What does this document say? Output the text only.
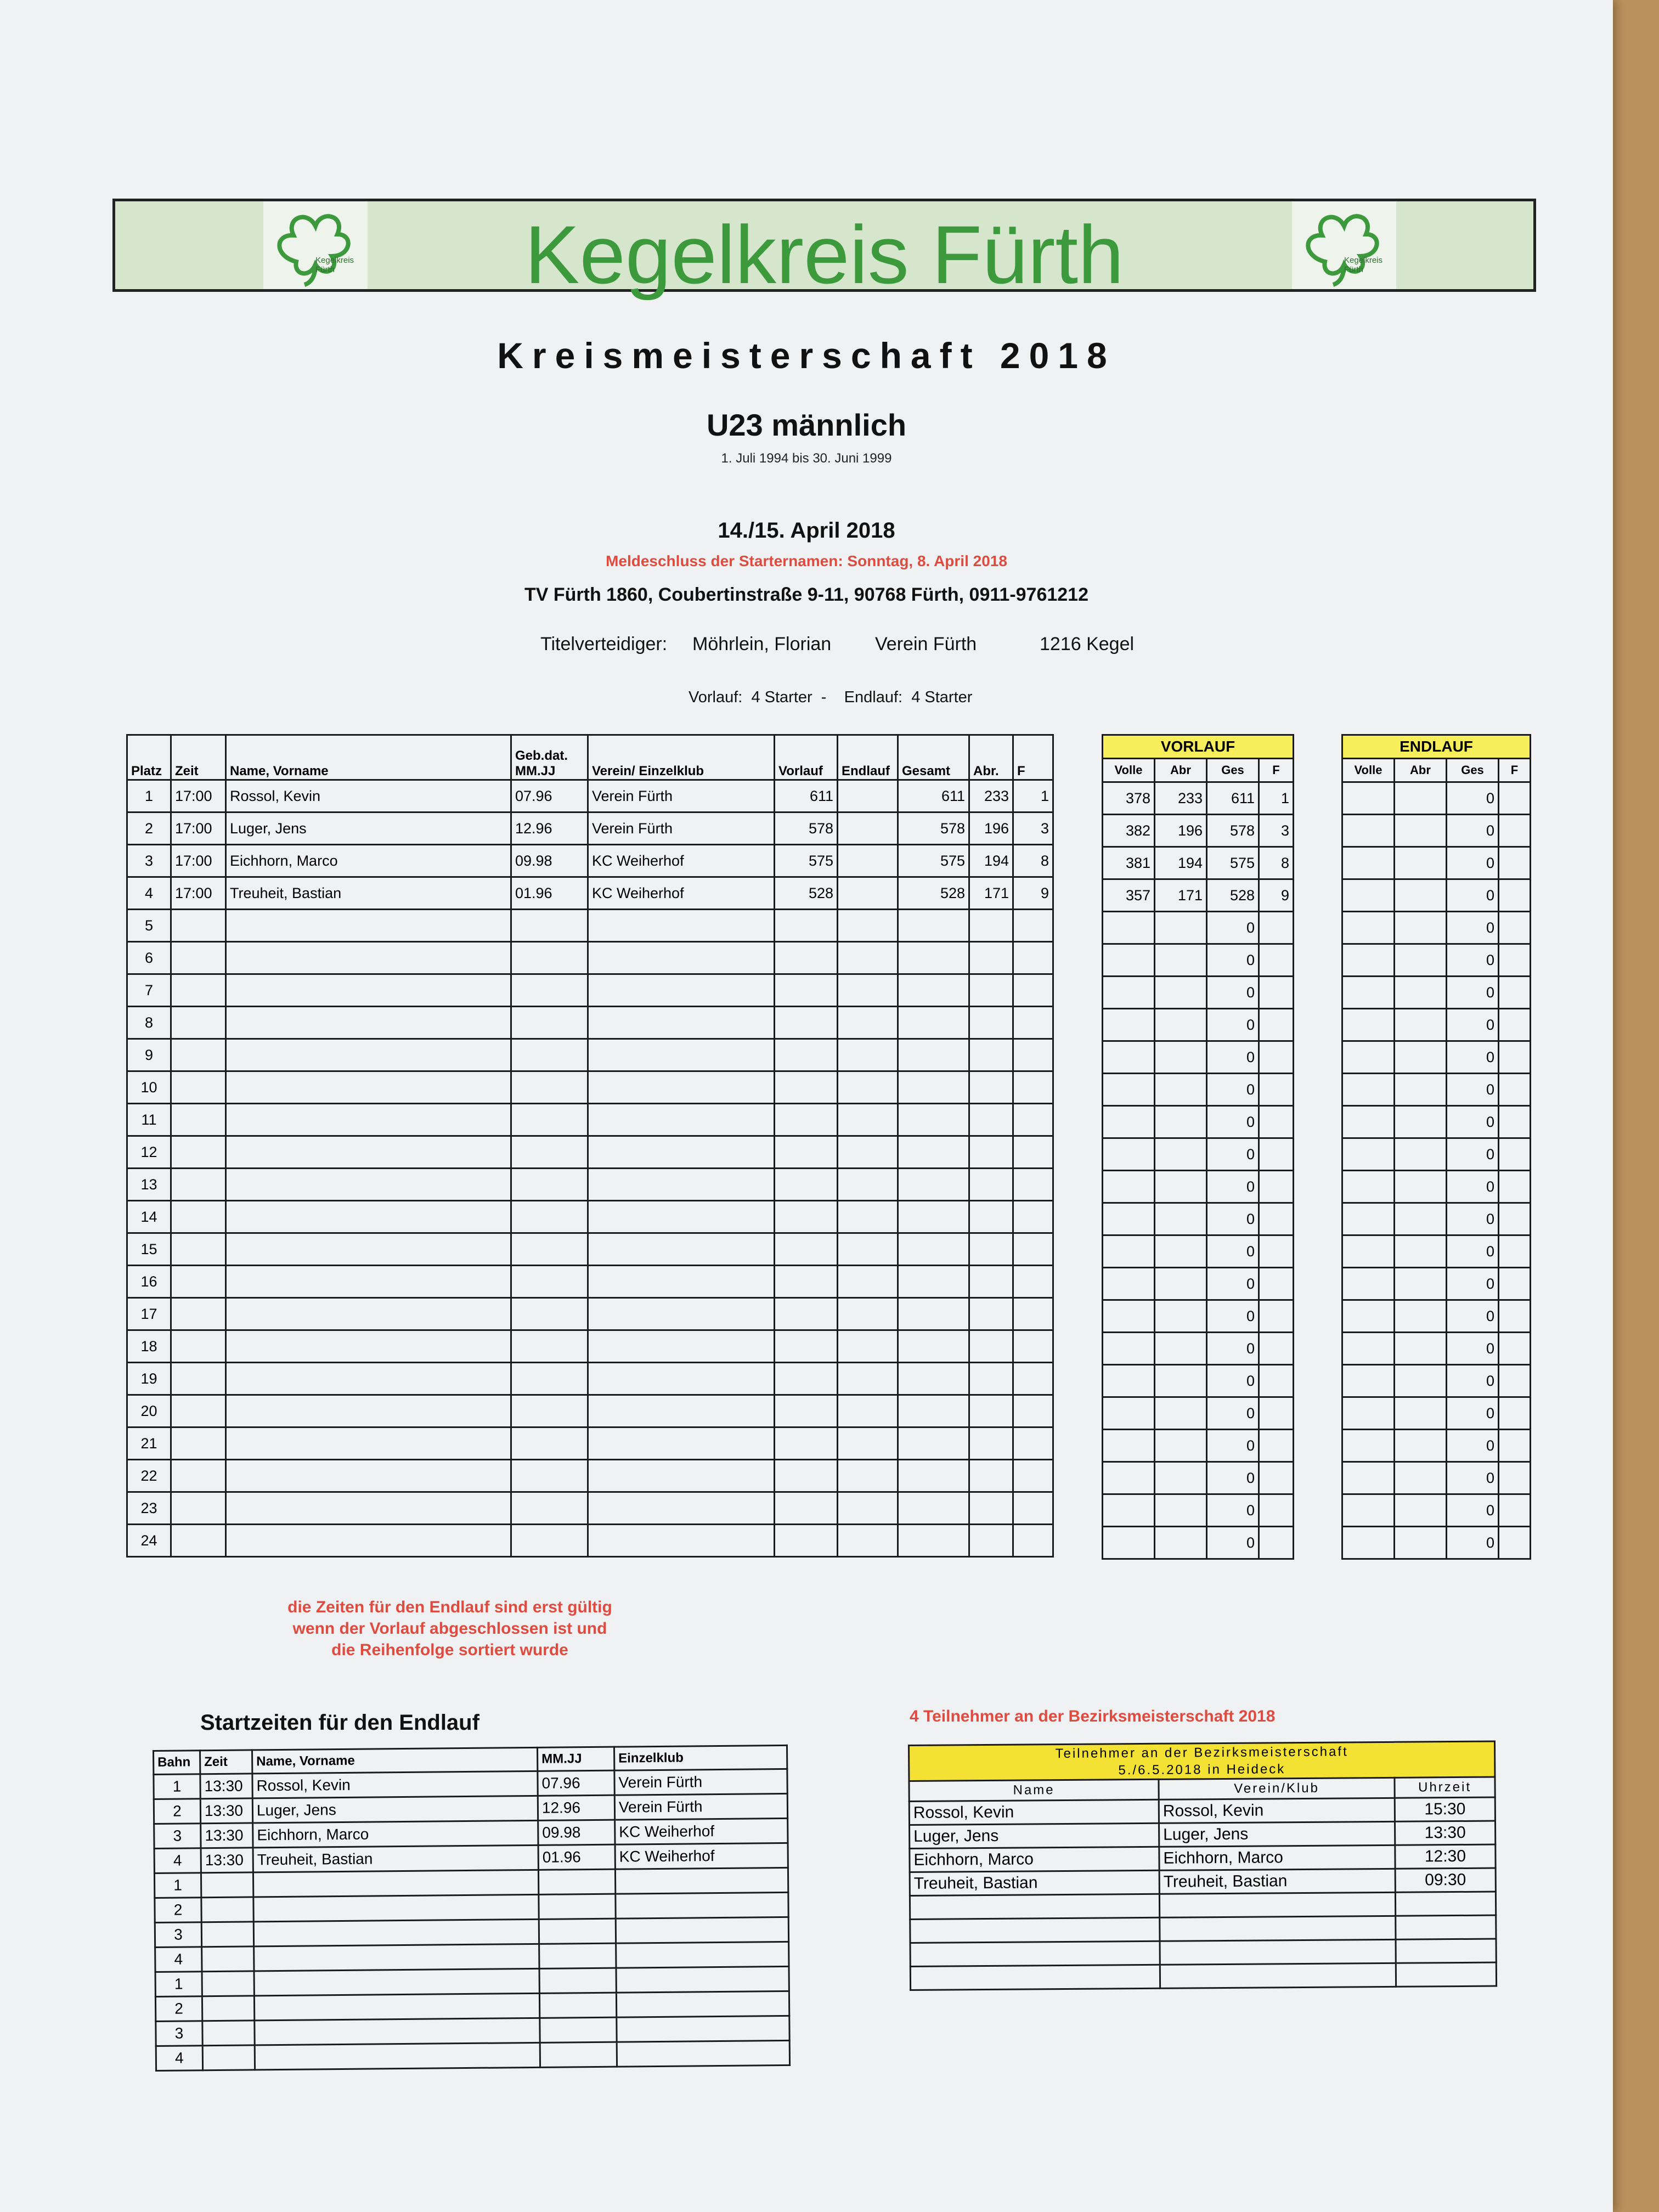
Kegelkreis Fürth	Kegelkreis Fürth	Kegelkreis Fürth
Kreismeisterschaft 2018
U23 männlich
1. Juli 1994 bis 30. Juni 1999
14./15. April 2018
Meldeschluss der Starternamen: Sonntag, 8. April 2018
TV Fürth 1860, Coubertinstraße 9-11, 90768 Fürth, 0911-9761212
Titelverteidiger: Möhrlein, Florian Verein Fürth	1216 Kegel
Vorlauf:  4 Starter  -    Endlauf:  4 Starter
Platz	Zeit	Name, Vorname	Geb.dat. MM.JJ	Verein/ Einzelklub	Vorlauf	Endlauf	Gesamt	Abr.	F
1	17:00	Rossol, Kevin	07.96	Verein Fürth	611		611	233	1
2	17:00	Luger, Jens	12.96	Verein Fürth	578		578	196	3
3	17:00	Eichhorn, Marco	09.98	KC Weiherhof	575		575	194	8
4	17:00	Treuheit, Bastian	01.96	KC Weiherhof	528		528	171	9
5									
6									
7									
8									
9									
10									
11									
12									
13									
14									
15									
16									
17									
18									
19									
20									
21									
22									
23									
24									
VORLAUF			
Volle	Abr	Ges	F
378	233	611	1
382	196	578	3
381	194	575	8
357	171	528	9
		0	
		0	
		0	
		0	
		0	
		0	
		0	
		0	
		0	
		0	
		0	
		0	
		0	
		0	
		0	
		0	
		0	
		0	
		0	
		0	
ENDLAUF			
Volle	Abr	Ges	F
		0	
		0	
		0	
		0	
		0	
		0	
		0	
		0	
		0	
		0	
		0	
		0	
		0	
		0	
		0	
		0	
		0	
		0	
		0	
		0	
		0	
		0	
		0	
		0	
die Zeiten für den Endlauf sind erst gültig
wenn der Vorlauf abgeschlossen ist und
die Reihenfolge sortiert wurde
Startzeiten für den Endlauf
Bahn	Zeit	Name, Vorname	MM.JJ	Einzelklub
1	13:30	Rossol, Kevin	07.96	Verein Fürth
2	13:30	Luger, Jens	12.96	Verein Fürth
3	13:30	Eichhorn, Marco	09.98	KC Weiherhof
4	13:30	Treuheit, Bastian	01.96	KC Weiherhof
1				
2				
3				
4				
1				
2				
3				
4				
4 Teilnehmer an der Bezirksmeisterschaft 2018
Teilnehmer an der Bezirksmeisterschaft
5./6.5.2018 in Heideck		

Name	Verein/Klub	Uhrzeit
Rossol, Kevin	Rossol, Kevin	15:30
Luger, Jens	Luger, Jens	13:30
Eichhorn, Marco	Eichhorn, Marco	12:30
Treuheit, Bastian	Treuheit, Bastian	09:30
